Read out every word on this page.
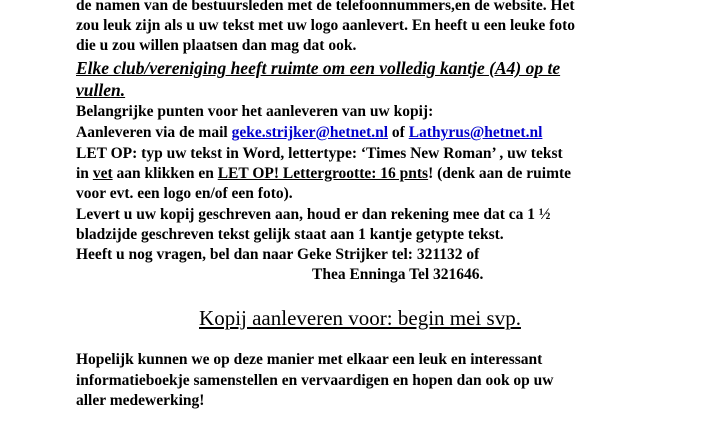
de namen van de bestuursleden met de telefoonnummers,en de website. Het
zou leuk zijn als u uw tekst met uw logo aanlevert. En heeft u een leuke foto
die u zou willen plaatsen dan mag dat ook.
Elke club/vereniging heeft ruimte om een volledig kantje (A4) op te
vullen.
Belangrijke punten voor het aanleveren van uw kopij:
Aanleveren via de mail geke.strijker@hetnet.nl of Lathyrus@hetnet.nl
LET OP: typ uw tekst in Word, lettertype: ‘Times New Roman’ , uw tekst
in vet aan klikken en LET OP! Lettergrootte: 16 pnts! (denk aan de ruimte
voor evt. een logo en/of een foto).
Levert u uw kopij geschreven aan, houd er dan rekening mee dat ca 1 ½
bladzijde geschreven tekst gelijk staat aan 1 kantje getypte tekst.
Heeft u nog vragen, bel dan naar Geke Strijker tel: 321132 of
Thea Enninga Tel 321646.
Kopij aanleveren voor: begin mei svp.
Hopelijk kunnen we op deze manier met elkaar een leuk en interessant
informatieboekje samenstellen en vervaardigen en hopen dan ook op uw
aller medewerking!
